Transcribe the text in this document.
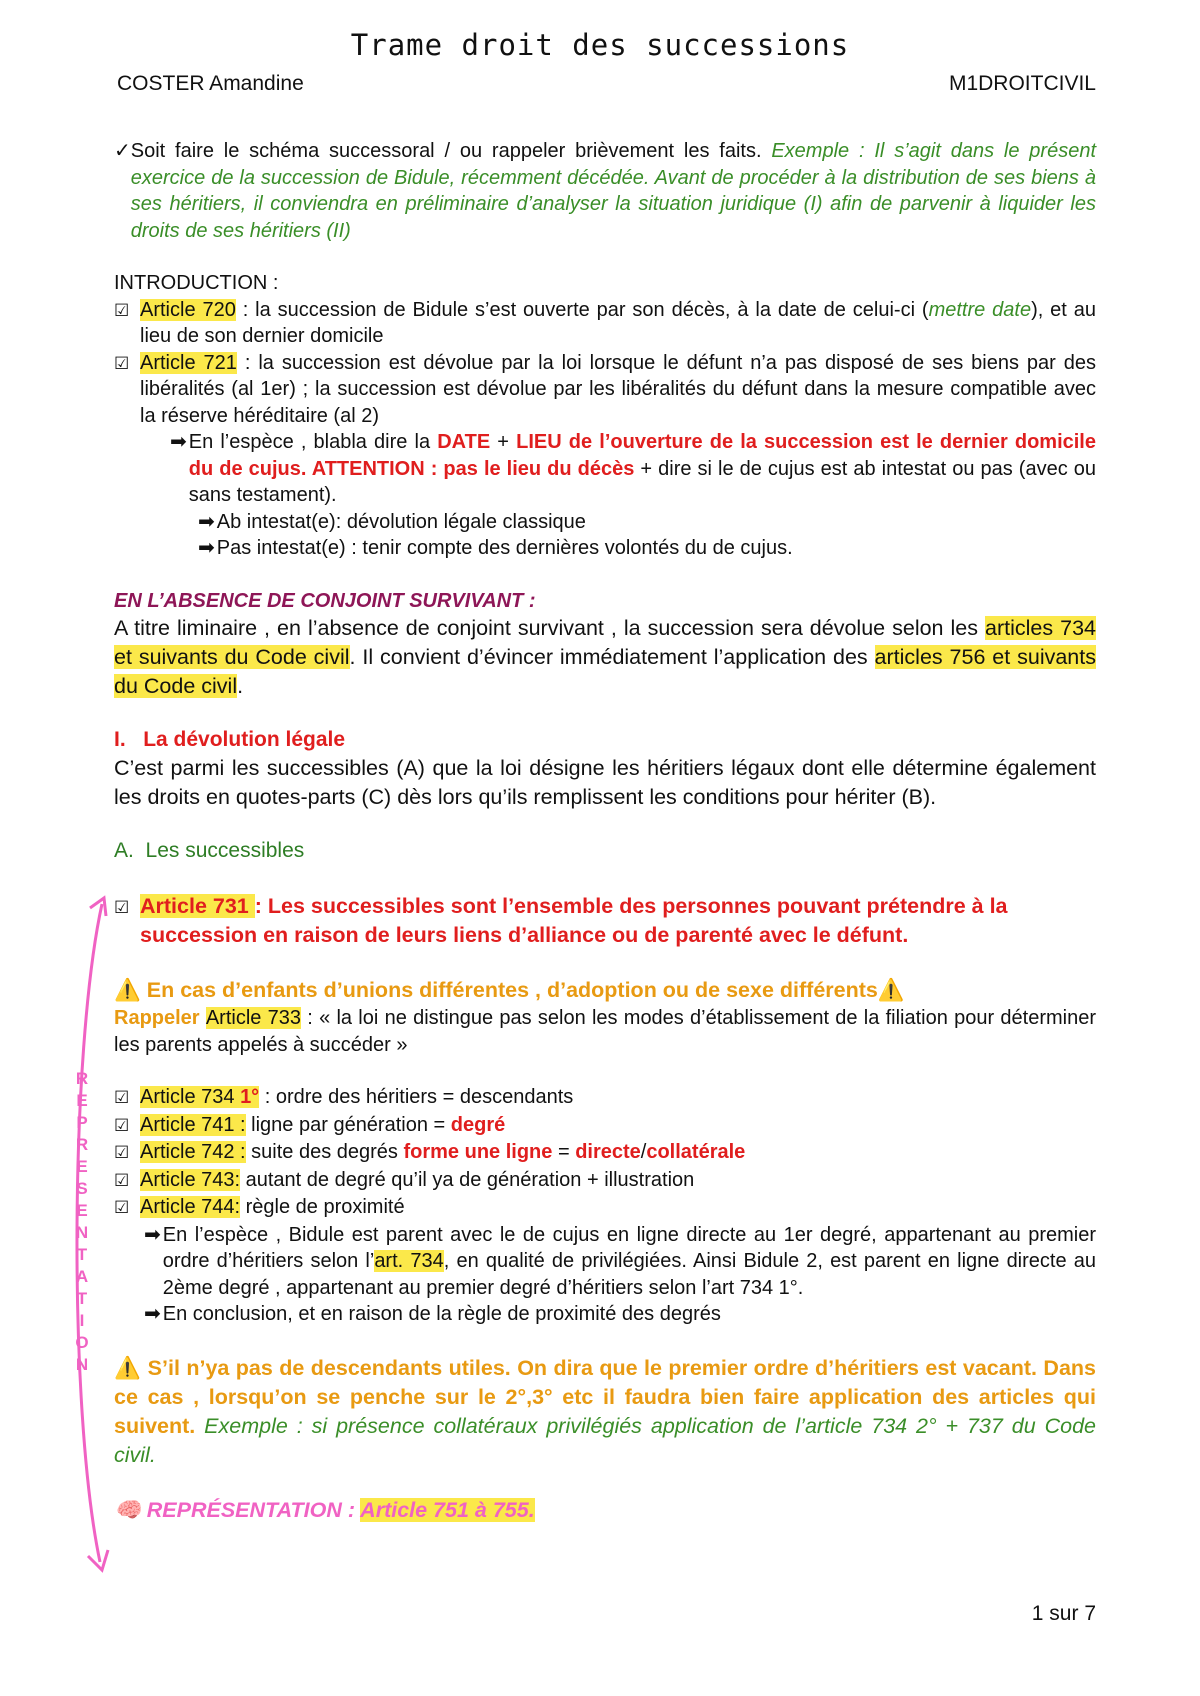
Trame droit des successions
COSTER Amandine	M1DROITCIVIL
R
E
P
R
E
S
E
N
T
A
T
I
O
N
✓ Soit faire le schéma successoral / ou rappeler brièvement les faits. Exemple : Il s’agit dans le présent exercice de la succession de Bidule, récemment décédée. Avant de procéder à la distribution de ses biens à ses héritiers, il conviendra en préliminaire d’analyser la situation juridique (I) afin de parvenir à liquider les droits de ses héritiers (II)
INTRODUCTION :
☑ Article 720 : la succession de Bidule s’est ouverte par son décès, à la date de celui-ci (mettre date), et au lieu de son dernier domicile
☑ Article 721 : la succession est dévolue par la loi lorsque le défunt n’a pas disposé de ses biens par des libéralités (al 1er) ; la succession est dévolue par les libéralités du défunt dans la mesure compatible avec la réserve héréditaire (al 2)
➡ En l’espèce , blabla dire la DATE + LIEU de l’ouverture de la succession est le dernier domicile du de cujus. ATTENTION : pas le lieu du décès + dire si le de cujus est ab intestat ou pas (avec ou sans testament).
➡ Ab intestat(e): dévolution légale classique
➡ Pas intestat(e) : tenir compte des dernières volontés du de cujus.
EN L’ABSENCE DE CONJOINT SURVIVANT :
A titre liminaire , en l’absence de conjoint survivant , la succession sera dévolue selon les articles 734 et suivants du Code civil. Il convient d’évincer immédiatement l’application des articles 756 et suivants du Code civil.
I. La dévolution légale
C’est parmi les successibles (A) que la loi désigne les héritiers légaux dont elle détermine également les droits en quotes-parts (C) dès lors qu’ils remplissent les conditions pour hériter (B).
A. Les successibles
☑ Article 731 : Les successibles sont l’ensemble des personnes pouvant prétendre à la succession en raison de leurs liens d’alliance ou de parenté avec le défunt.
⚠️ En cas d’enfants d’unions différentes , d’adoption ou de sexe différents⚠️
Rappeler Article 733 : « la loi ne distingue pas selon les modes d’établissement de la filiation pour déterminer les parents appelés à succéder »
☑ Article 734 1° : ordre des héritiers = descendants
☑ Article 741 : ligne par génération = degré
☑ Article 742 : suite des degrés forme une ligne = directe/collatérale
☑ Article 743: autant de degré qu’il ya de génération + illustration
☑ Article 744: règle de proximité
➡ En l’espèce , Bidule est parent avec le de cujus en ligne directe au 1er degré, appartenant au premier ordre d’héritiers selon l’art. 734, en qualité de privilégiées. Ainsi Bidule 2, est parent en ligne directe au 2ème degré , appartenant au premier degré d’héritiers selon l’art 734 1°.
➡ En conclusion, et en raison de la règle de proximité des degrés
⚠️ S’il n’ya pas de descendants utiles. On dira que le premier ordre d’héritiers est vacant. Dans ce cas , lorsqu’on se penche sur le 2°,3° etc il faudra bien faire application des articles qui suivent. Exemple : si présence collatéraux privilégiés application de l’article 734 2° + 737 du Code civil.
🧠 REPRÉSENTATION : Article 751 à 755.
1 sur 7
